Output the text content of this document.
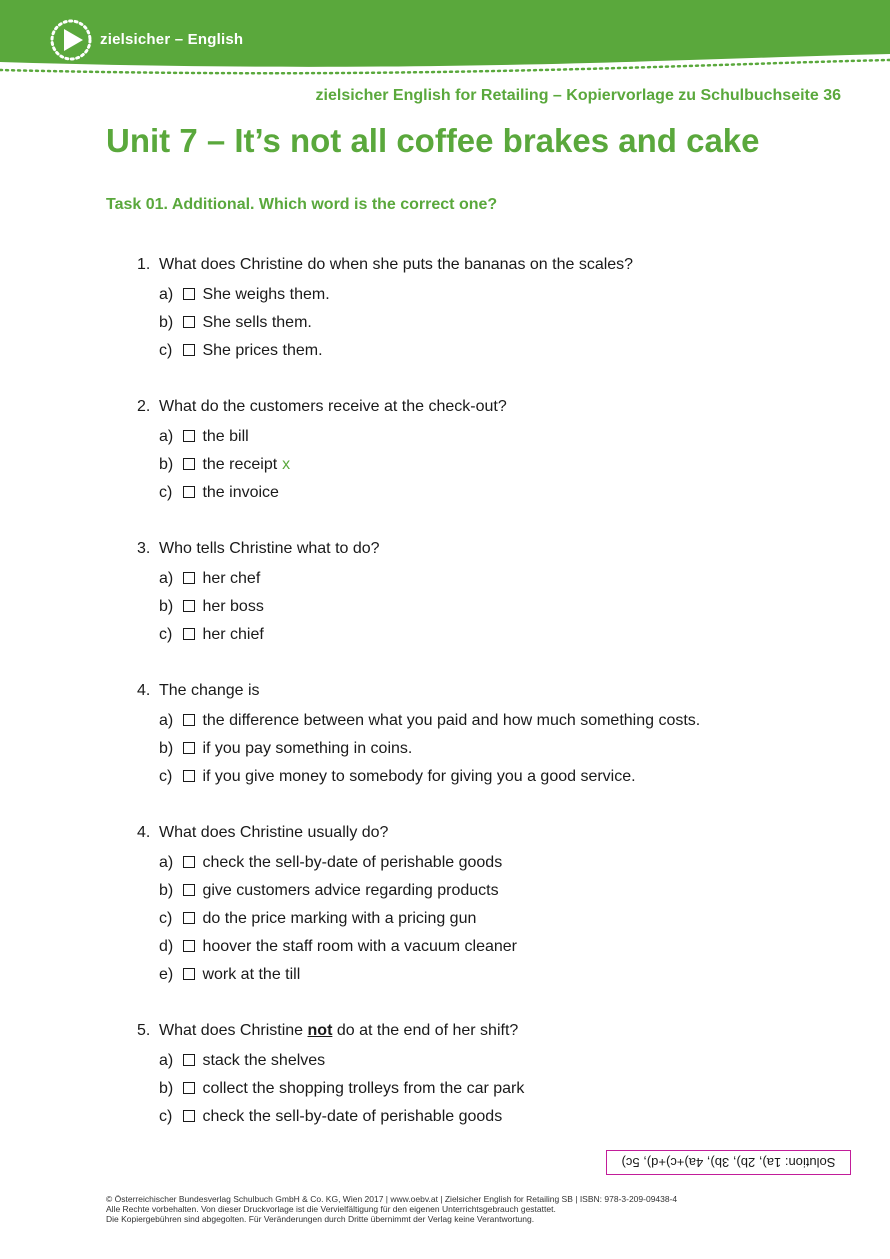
zielsicher – English
zielsicher English for Retailing – Kopiervorlage zu Schulbuchseite 36
Unit 7 – It’s not all coffee brakes and cake
Task 01. Additional. Which word is the correct one?
1. What does Christine do when she puts the bananas on the scales?
a) She weighs them.
b) She sells them.
c) She prices them.
2. What do the customers receive at the check-out?
a) the bill
b) the receipt x
c) the invoice
3. Who tells Christine what to do?
a) her chef
b) her boss
c) her chief
4. The change is
a) the difference between what you paid and how much something costs.
b) if you pay something in coins.
c) if you give money to somebody for giving you a good service.
4. What does Christine usually do?
a) check the sell-by-date of perishable goods
b) give customers advice regarding products
c) do the price marking with a pricing gun
d) hoover the staff room with a vacuum cleaner
e) work at the till
5. What does Christine not do at the end of her shift?
a) stack the shelves
b) collect the shopping trolleys from the car park
c) check the sell-by-date of perishable goods
Solution: 1a), 2b), 3b), 4a)+c)+d), 5c)
© Österreichischer Bundesverlag Schulbuch GmbH & Co. KG, Wien 2017 | www.oebv.at | Zielsicher English for Retailing SB | ISBN: 978-3-209-09438-4
Alle Rechte vorbehalten. Von dieser Druckvorlage ist die Vervielfältigung für den eigenen Unterrichtsgebrauch gestattet.
Die Kopiergebühren sind abgegolten. Für Veränderungen durch Dritte übernimmt der Verlag keine Verantwortung.
